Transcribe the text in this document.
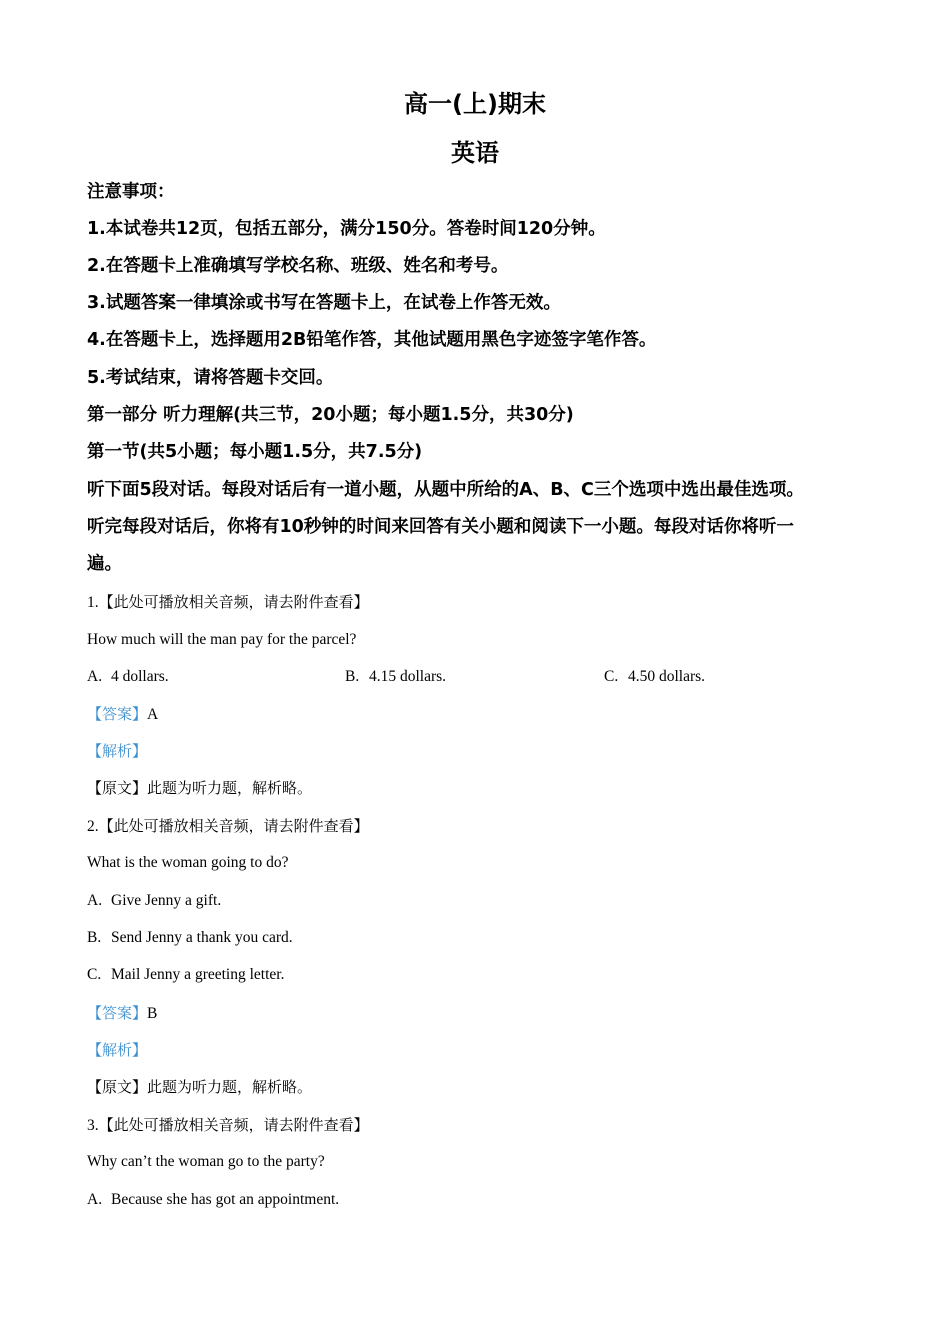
高一(上)期末
英语
注意事项：
1.本试卷共12页，包括五部分，满分150分。答卷时间120分钟。
2.在答题卡上准确填写学校名称、班级、姓名和考号。
3.试题答案一律填涂或书写在答题卡上，在试卷上作答无效。
4.在答题卡上，选择题用2B铅笔作答，其他试题用黑色字迹签字笔作答。
5.考试结束，请将答题卡交回。
第一部分 听力理解(共三节，20小题；每小题1.5分，共30分)
第一节(共5小题；每小题1.5分，共7.5分)
听下面5段对话。每段对话后有一道小题，从题中所给的A、B、C三个选项中选出最佳选项。
听完每段对话后，你将有10秒钟的时间来回答有关小题和阅读下一小题。每段对话你将听一
遍。
1.【此处可播放相关音频，请去附件查看】
How much will the man pay for the parcel?
A. 4 dollars.	B. 4.15 dollars.	C. 4.50 dollars.
【答案】A
【解析】
【原文】此题为听力题，解析略。
2.【此处可播放相关音频，请去附件查看】
What is the woman going to do?
A. Give Jenny a gift.
B. Send Jenny a thank you card.
C. Mail Jenny a greeting letter.
【答案】B
【解析】
【原文】此题为听力题，解析略。
3.【此处可播放相关音频，请去附件查看】
Why can’t the woman go to the party?
A. Because she has got an appointment.
